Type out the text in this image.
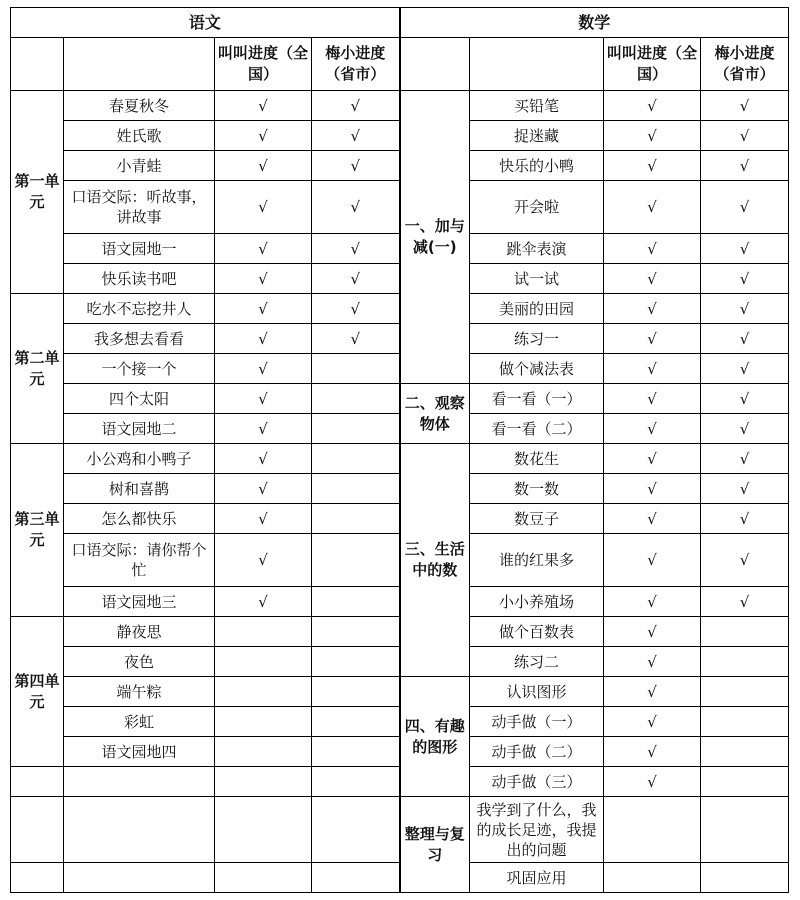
语文				数学			
		叫叫进度（全国）	梅小进度（省市）			叫叫进度（全国）	梅小进度（省市）
第一单元	春夏秋冬	√	√	一、加与减(一)	买铅笔	√	√
	姓氏歌	√	√		捉迷藏	√	√
	小青蛙	√	√		快乐的小鸭	√	√
	口语交际：听故事，讲故事	√	√		开会啦	√	√
	语文园地一	√	√		跳伞表演	√	√
	快乐读书吧	√	√		试一试	√	√
第二单元	吃水不忘挖井人	√	√		美丽的田园	√	√
	我多想去看看	√	√		练习一	√	√
	一个接一个	√			做个减法表	√	√
	四个太阳	√		二、观察物体	看一看（一）	√	√
	语文园地二	√			看一看（二）	√	√
第三单元	小公鸡和小鸭子	√		三、生活中的数	数花生	√	√
	树和喜鹊	√			数一数	√	√
	怎么都快乐	√			数豆子	√	√
	口语交际：请你帮个忙	√			谁的红果多	√	√
	语文园地三	√			小小养殖场	√	√
第四单元	静夜思				做个百数表	√	
	夜色				练习二	√	
	端午粽			四、有趣的图形	认识图形	√	
	彩虹				动手做（一）	√	
	语文园地四				动手做（二）	√	
					动手做（三）	√	
				整理与复习	我学到了什么，我的成长足迹，我提出的问题		
					巩固应用		
